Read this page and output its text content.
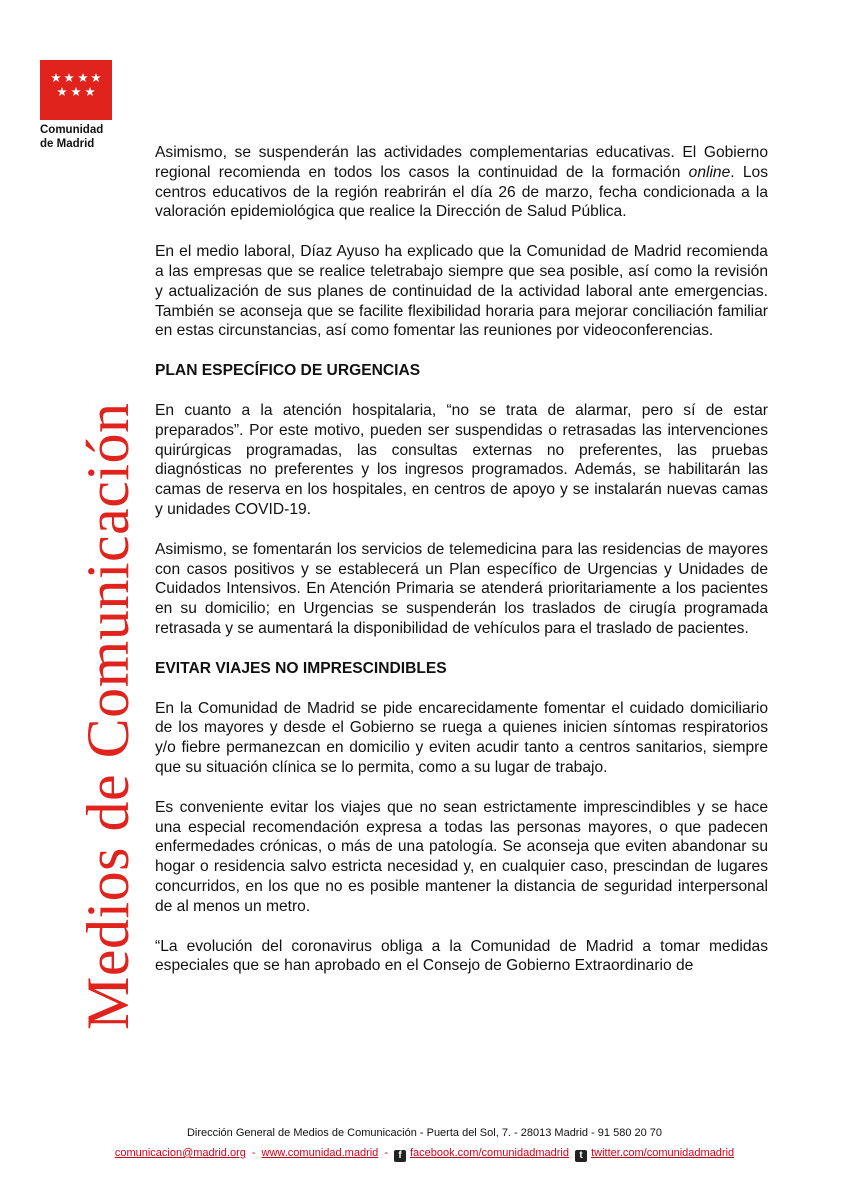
Comunidad
de Madrid
Medios de Comunicación

Asimismo, se suspenderán las actividades complementarias educativas. El Gobierno regional recomienda en todos los casos la continuidad de la formación online. Los centros educativos de la región reabrirán el día 26 de marzo, fecha condicionada a la valoración epidemiológica que realice la Dirección de Salud Pública.

En el medio laboral, Díaz Ayuso ha explicado que la Comunidad de Madrid recomienda a las empresas que se realice teletrabajo siempre que sea posible, así como la revisión y actualización de sus planes de continuidad de la actividad laboral ante emergencias. También se aconseja que se facilite flexibilidad horaria para mejorar conciliación familiar en estas circunstancias, así como fomentar las reuniones por videoconferencias.

PLAN ESPECÍFICO DE URGENCIAS

En cuanto a la atención hospitalaria, “no se trata de alarmar, pero sí de estar preparados”. Por este motivo, pueden ser suspendidas o retrasadas las intervenciones quirúrgicas programadas, las consultas externas no preferentes, las pruebas diagnósticas no preferentes y los ingresos programados. Además, se habilitarán las camas de reserva en los hospitales, en centros de apoyo y se instalarán nuevas camas y unidades COVID-19.

Asimismo, se fomentarán los servicios de telemedicina para las residencias de mayores con casos positivos y se establecerá un Plan específico de Urgencias y Unidades de Cuidados Intensivos. En Atención Primaria se atenderá prioritariamente a los pacientes en su domicilio; en Urgencias se suspenderán los traslados de cirugía programada retrasada y se aumentará la disponibilidad de vehículos para el traslado de pacientes.

EVITAR VIAJES NO IMPRESCINDIBLES

En la Comunidad de Madrid se pide encarecidamente fomentar el cuidado domiciliario de los mayores y desde el Gobierno se ruega a quienes inicien síntomas respiratorios y/o fiebre permanezcan en domicilio y eviten acudir tanto a centros sanitarios, siempre que su situación clínica se lo permita, como a su lugar de trabajo.

Es conveniente evitar los viajes que no sean estrictamente imprescindibles y se hace una especial recomendación expresa a todas las personas mayores, o que padecen enfermedades crónicas, o más de una patología. Se aconseja que eviten abandonar su hogar o residencia salvo estricta necesidad y, en cualquier caso, prescindan de lugares concurridos, en los que no es posible mantener la distancia de seguridad interpersonal de al menos un metro.

“La evolución del coronavirus obliga a la Comunidad de Madrid a tomar medidas especiales que se han aprobado en el Consejo de Gobierno Extraordinario de

Dirección General de Medios de Comunicación - Puerta del Sol, 7. - 28013 Madrid - 91 580 20 70
comunicacion@madrid.org - www.comunidad.madrid - f facebook.com/comunidadmadrid t twitter.com/comunidadmadrid
